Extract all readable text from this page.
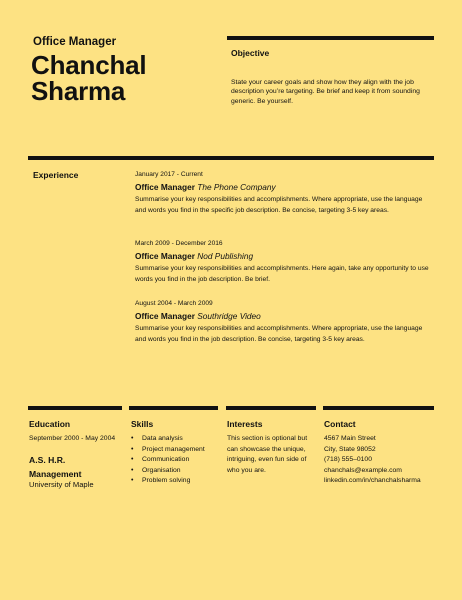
Office Manager
Chanchal
Sharma
Objective
State your career goals and show how they align with the job description you’re targeting. Be brief and keep it from sounding generic. Be yourself.
Experience	January 2017 - Current
Office Manager The Phone Company
Summarise your key responsibilities and accomplishments. Where appropriate, use the language and words you find in the specific job description. Be concise, targeting 3-5 key areas.
March 2009 - December 2016
Office Manager Nod Publishing
Summarise your key responsibilities and accomplishments. Here again, take any opportunity to use words you find in the job description. Be brief.
August 2004 - March 2009
Office Manager Southridge Video
Summarise your key responsibilities and accomplishments. Where appropriate, use the language and words you find in the job description. Be concise, targeting 3-5 key areas.
Education
September 2000 - May 2004
A.S. H.R. Management
University of Maple
Skills
• Data analysis
• Project management
• Communication
• Organisation
• Problem solving
Interests
This section is optional but can showcase the unique, intriguing, even fun side of who you are.
Contact
4567 Main Street
City, State 98052
(718) 555–0100
chanchals@example.com
linkedin.com/in/chanchalsharma
